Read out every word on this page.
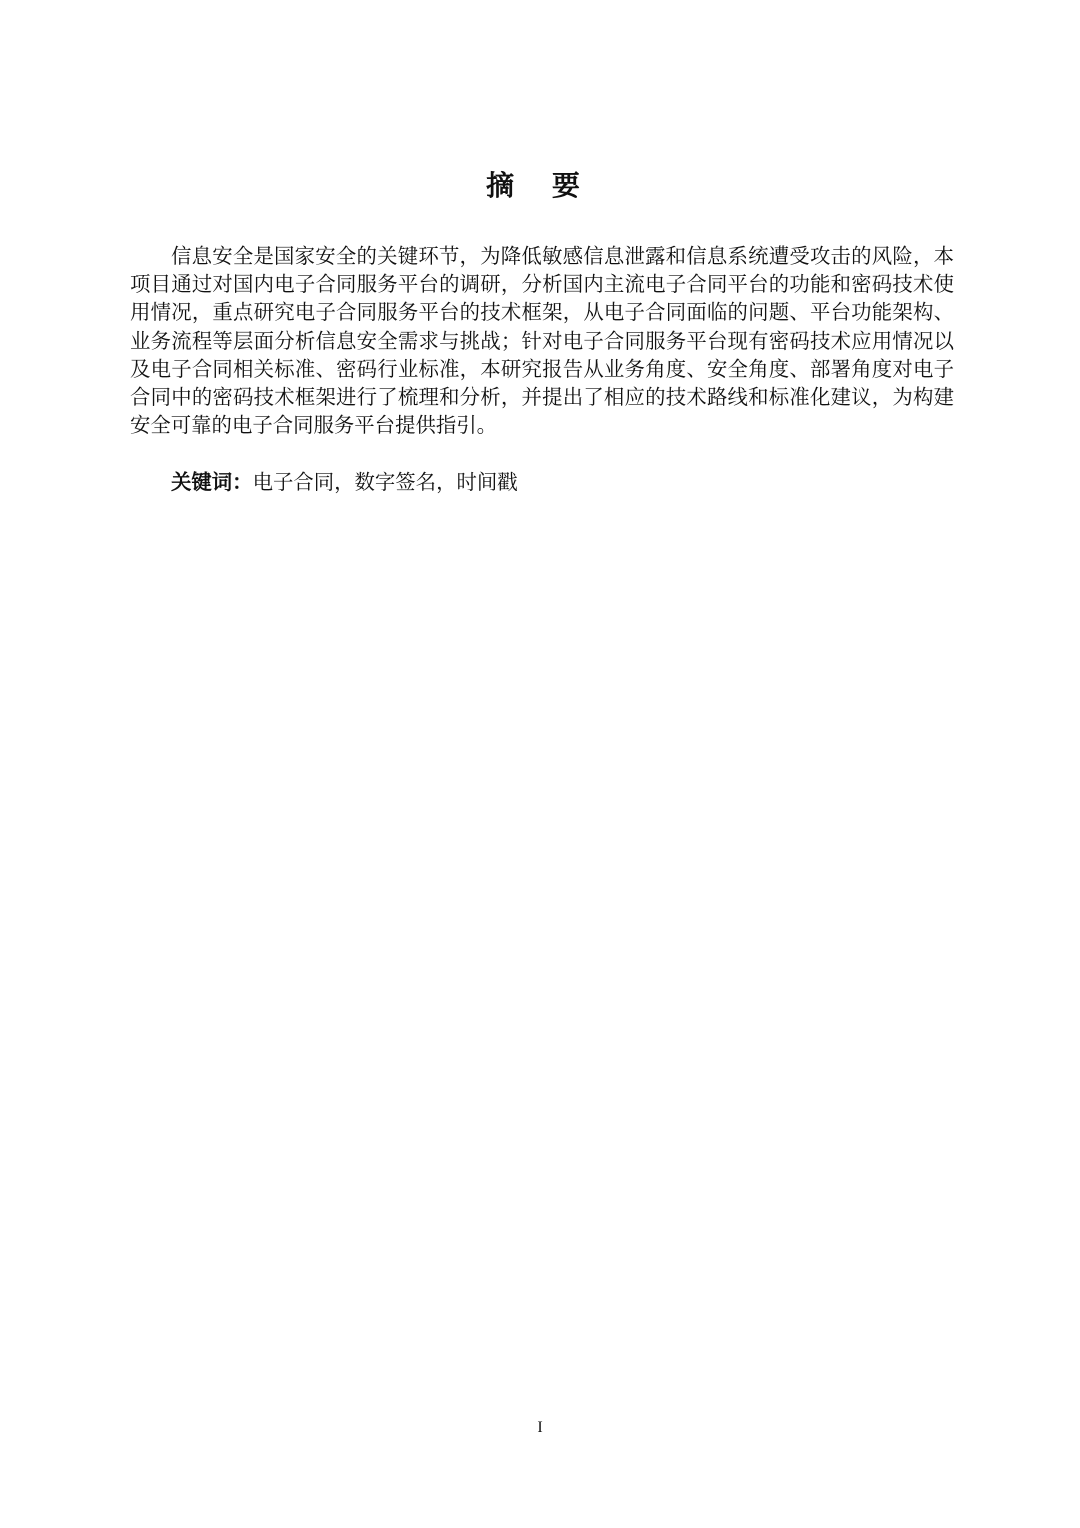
摘 要

信息安全是国家安全的关键环节，为降低敏感信息泄露和信息系统遭受攻击的风险，本项目通过对国内电子合同服务平台的调研，分析国内主流电子合同平台的功能和密码技术使用情况，重点研究电子合同服务平台的技术框架，从电子合同面临的问题、平台功能架构、业务流程等层面分析信息安全需求与挑战；针对电子合同服务平台现有密码技术应用情况以及电子合同相关标准、密码行业标准，本研究报告从业务角度、安全角度、部署角度对电子合同中的密码技术框架进行了梳理和分析，并提出了相应的技术路线和标准化建议，为构建安全可靠的电子合同服务平台提供指引。

关键词：电子合同，数字签名，时间戳
I
